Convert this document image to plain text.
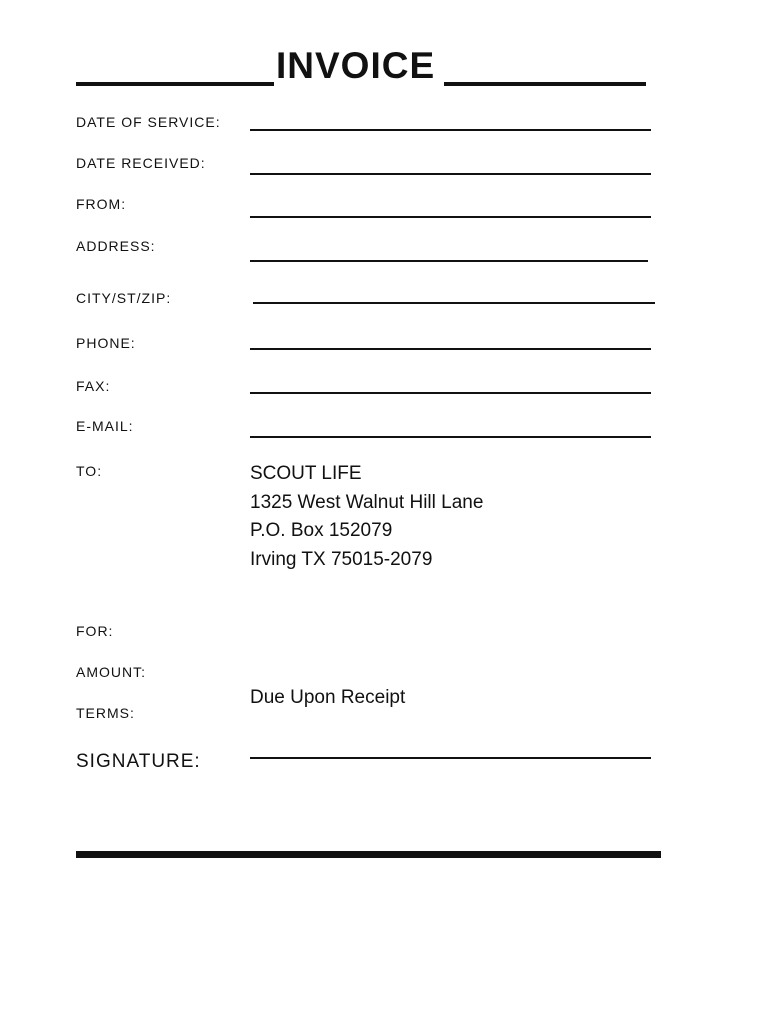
INVOICE
DATE OF SERVICE:
DATE RECEIVED:
FROM:
ADDRESS:
CITY/ST/ZIP:
PHONE:
FAX:
E-MAIL:
TO:	SCOUT LIFE
1325 West Walnut Hill Lane
P.O. Box 152079
Irving TX 75015-2079
FOR:
AMOUNT:
TERMS:
Due Upon Receipt
SIGNATURE:
